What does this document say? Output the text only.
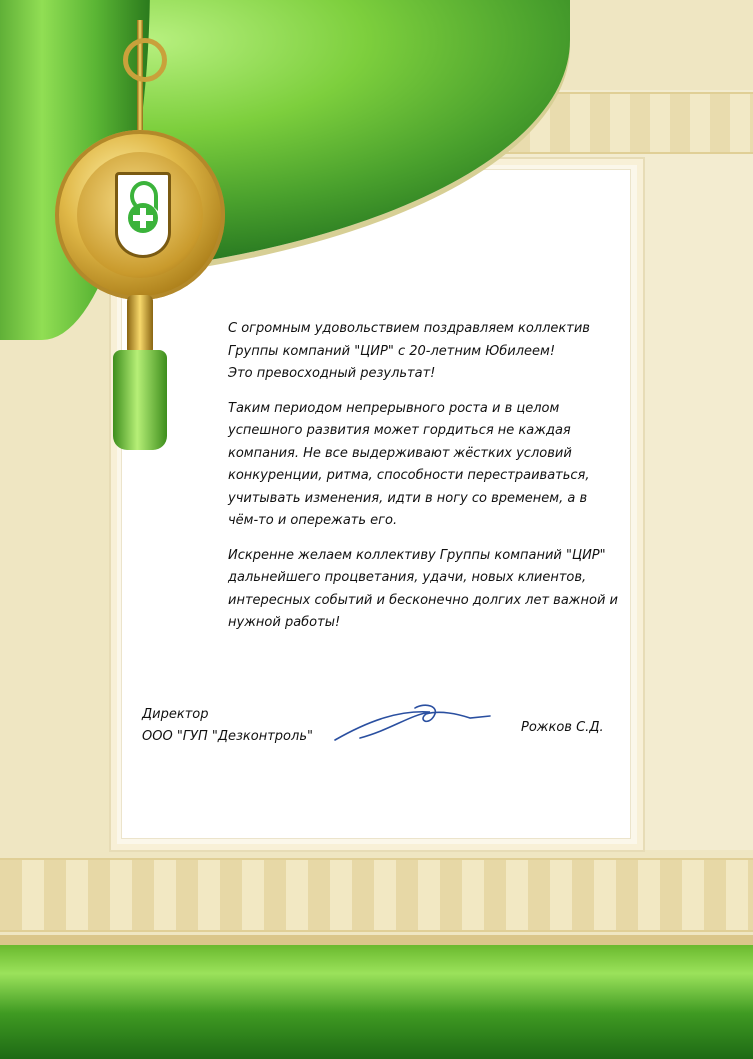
С огромным удовольствием поздравляем коллектив
Группы компаний "ЦИР" с 20-летним Юбилеем!
Это превосходный результат!

Таким периодом непрерывного роста и в целом
успешного развития может гордиться не каждая
компания. Не все выдерживают жёстких условий
конкуренции, ритма, способности перестраиваться,
учитывать изменения, идти в ногу со временем, а в
чём-то и опережать его.

Искренне желаем коллективу Группы компаний "ЦИР"
дальнейшего процветания, удачи, новых клиентов,
интересных событий и бесконечно долгих лет важной и
нужной работы!

Директор
ООО "ГУП "Дезконтроль"
Рожков С.Д.
